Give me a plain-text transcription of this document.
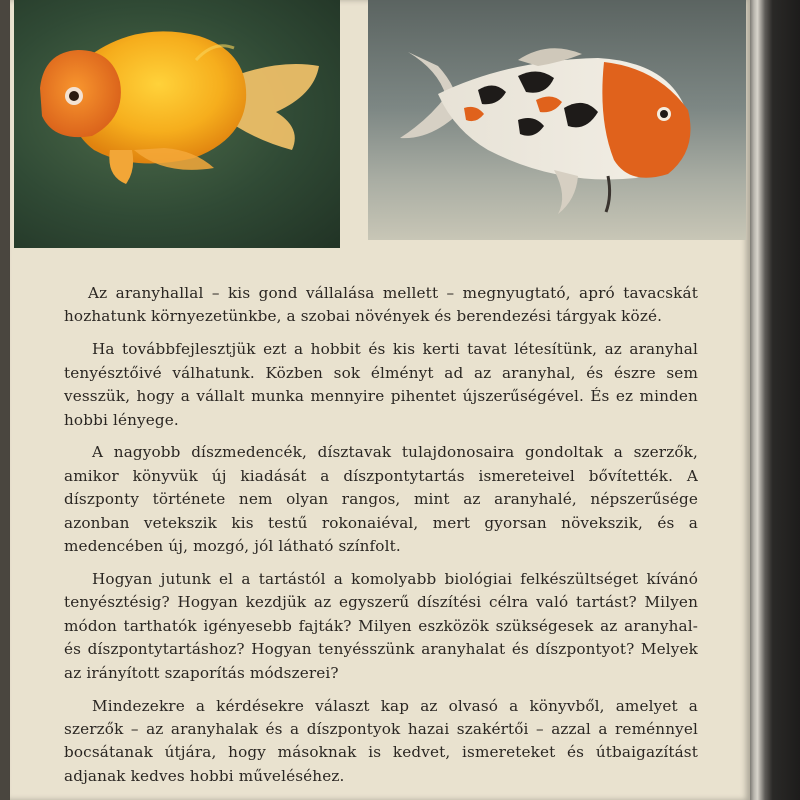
Az aranyhallal – kis gond vállalása mellett – megnyugtató, apró tavacskát hozhatunk környezetünkbe, a szobai növények és berendezési tárgyak közé.

Ha továbbfejlesztjük ezt a hobbit és kis kerti tavat létesítünk, az aranyhal tenyésztőivé válhatunk. Közben sok élményt ad az aranyhal, és észre sem vesszük, hogy a vállalt munka mennyire pihentet újszerűségével. És ez minden hobbi lényege.

A nagyobb díszmedencék, dísztavak tulajdonosaira gondoltak a szerzők, amikor könyvük új kiadását a díszpontytartás ismereteivel bővítették. A díszponty története nem olyan rangos, mint az aranyhalé, népszerűsége azonban vetekszik kis testű rokonaiéval, mert gyorsan növekszik, és a medencében új, mozgó, jól látható színfolt.

Hogyan jutunk el a tartástól a komolyabb biológiai felkészültséget kívánó tenyésztésig? Hogyan kezdjük az egyszerű díszítési célra való tartást? Milyen módon tarthatók igényesebb fajták? Milyen eszközök szükségesek az aranyhal- és díszpontytartáshoz? Hogyan tenyésszünk aranyhalat és díszpontyot? Melyek az irányított szaporítás módszerei?

Mindezekre a kérdésekre választ kap az olvasó a könyvből, amelyet a szerzők – az aranyhalak és a díszpontyok hazai szakértői – azzal a reménnyel bocsátanak útjára, hogy másoknak is kedvet, ismereteket és útbaigazítást adjanak kedves hobbi műveléséhez.
